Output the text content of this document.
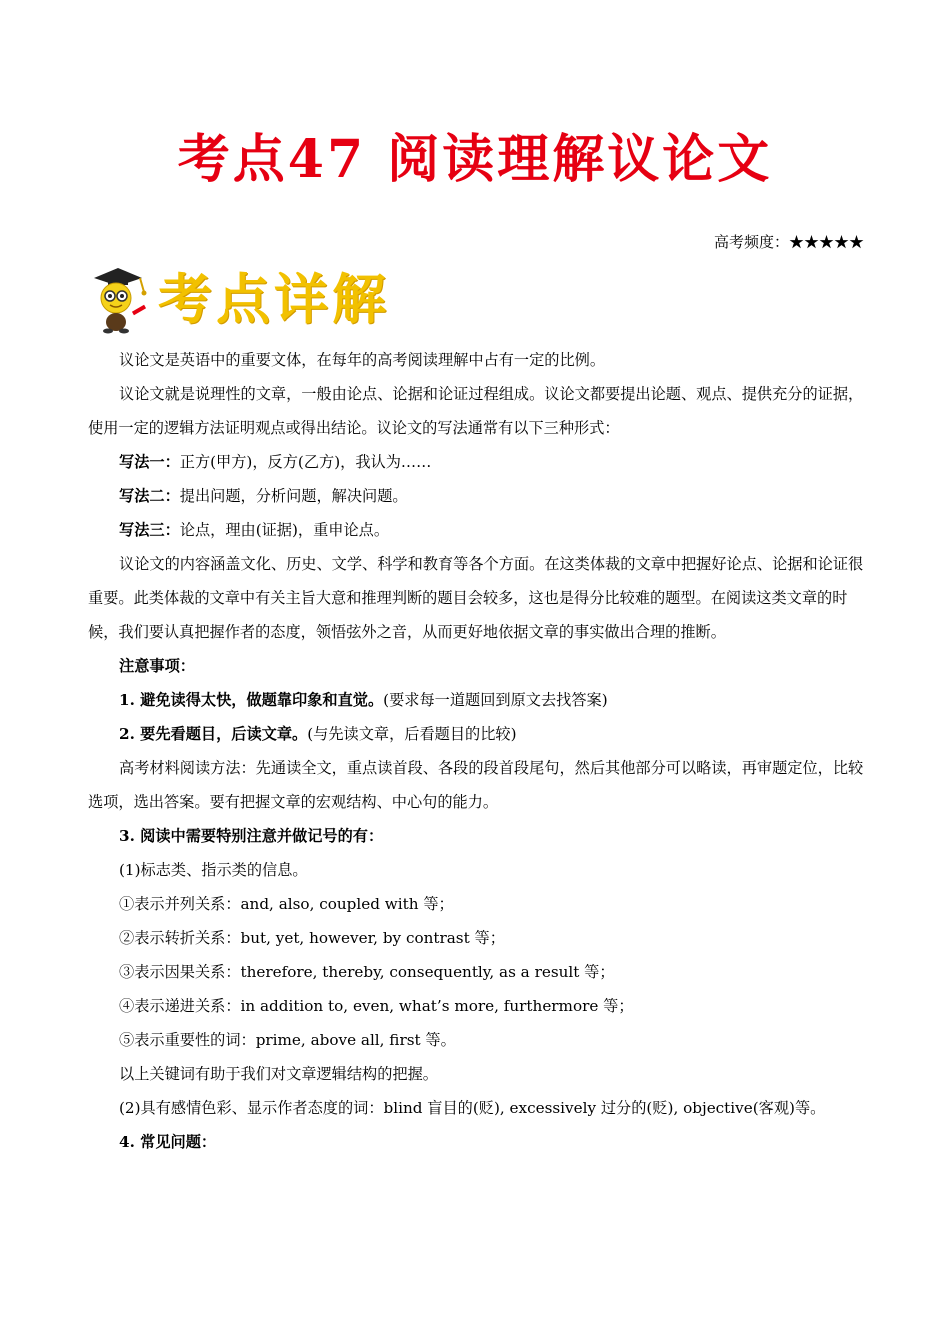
考点47 阅读理解议论文
高考频度：★★★★★
考点详解

议论文是英语中的重要文体，在每年的高考阅读理解中占有一定的比例。

议论文就是说理性的文章，一般由论点、论据和论证过程组成。议论文都要提出论题、观点、提供充分的证据，使用一定的逻辑方法证明观点或得出结论。议论文的写法通常有以下三种形式：

写法一：正方(甲方)，反方(乙方)，我认为……

写法二：提出问题，分析问题，解决问题。

写法三：论点，理由(证据)，重申论点。

议论文的内容涵盖文化、历史、文学、科学和教育等各个方面。在这类体裁的文章中把握好论点、论据和论证很重要。此类体裁的文章中有关主旨大意和推理判断的题目会较多，这也是得分比较难的题型。在阅读这类文章的时候，我们要认真把握作者的态度，领悟弦外之音，从而更好地依据文章的事实做出合理的推断。

注意事项：

1. 避免读得太快，做题靠印象和直觉。(要求每一道题回到原文去找答案)

2. 要先看题目，后读文章。(与先读文章，后看题目的比较)

高考材料阅读方法：先通读全文，重点读首段、各段的段首段尾句，然后其他部分可以略读，再审题定位，比较选项，选出答案。要有把握文章的宏观结构、中心句的能力。

3. 阅读中需要特别注意并做记号的有：

(1)标志类、指示类的信息。

①表示并列关系：and, also, coupled with 等；

②表示转折关系：but, yet, however, by contrast 等；

③表示因果关系：therefore, thereby, consequently, as a result 等；

④表示递进关系：in addition to, even, what’s more, furthermore 等；

⑤表示重要性的词：prime, above all, first 等。

以上关键词有助于我们对文章逻辑结构的把握。

(2)具有感情色彩、显示作者态度的词：blind 盲目的(贬), excessively 过分的(贬), objective(客观)等。

4. 常见问题：
